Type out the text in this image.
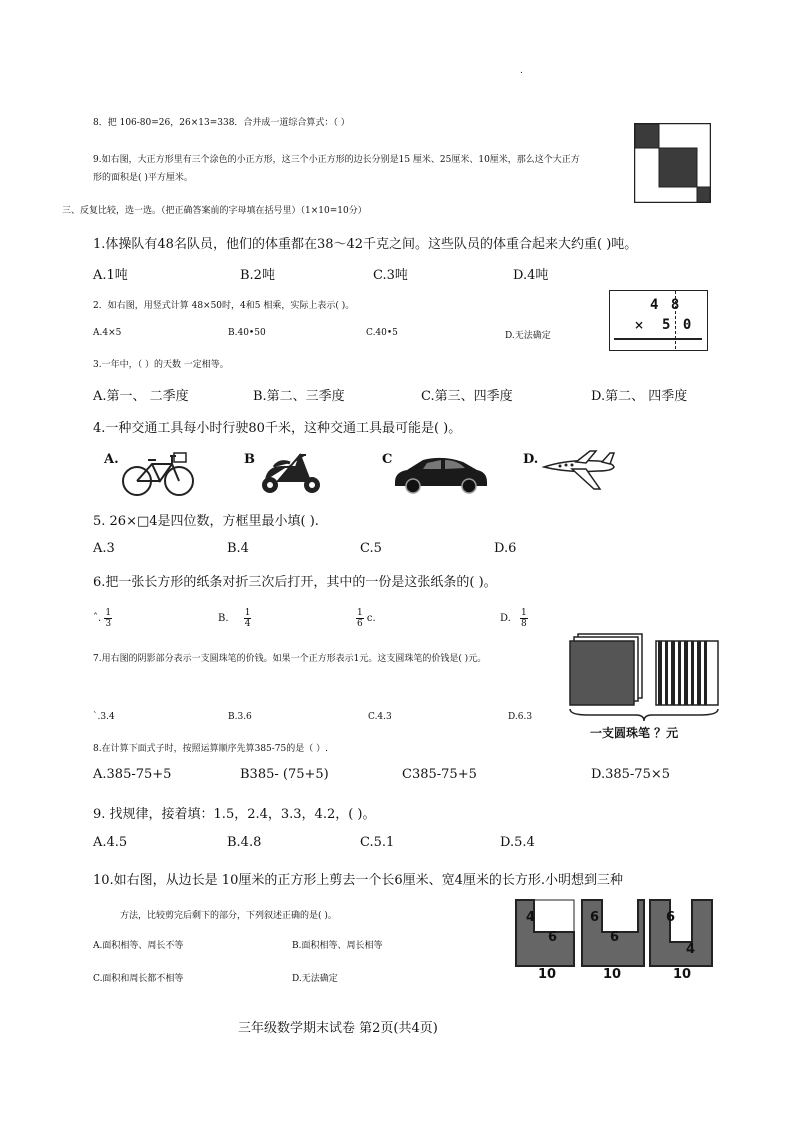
.
8．把 106-80=26，26×13=338．合并成一道综合算式：（ ）
9.如右图，大正方形里有三个涂色的小正方形，这三个小正方形的边长分别是15 厘米、25厘米、10厘米，那么这个大正方
形的面积是( )平方厘米。
三、反复比较，选一选。（把正确答案前的字母填在括号里）（1×10=10分）
1.体操队有48名队员，他们的体重都在38～42千克之间。这些队员的体重合起来大约重( )吨。
A.1吨	B.2吨	C.3吨	D.4吨
2．如右图，用竖式计算 48×50时，4和5 相乘，实际上表示( )。
A.4×5	B.40•50	C.40•5	D.无法确定
4 8
× 5 0
3.一年中，（ ）的天数 一定相等。
A.第一、 二季度	B.第二、三季度	C.第三、四季度	D.第二、 四季度
4.一种交通工具每小时行驶80千米，这种交通工具最可能是( )。
A.	B	C	D.
5. 26×□4是四位数，方框里最小填( ).
A.3	B.4	C.5	D.6
6.把一张长方形的纸条对折三次后打开，其中的一份是这张纸条的( )。
ˆ. $\frac{1}{3}$	B. $\frac{1}{4}$	$\frac{1}{6} c$.	D. $\frac{1}{8}$
7.用右图的阴影部分表示一支圆珠笔的价钱。如果一个正方形表示1元。这支圆珠笔的价钱是( )元。
ˋ.3.4	B.3.6	C.4.3	D.6.3
一支圆珠笔 ？元
8.在计算下面式子时，按照运算顺序先算385-75的是（ ）.
A.385-75+5	B385- (75+5)	C385-75+5	D.385-75×5
9. 找规律，接着填：1.5，2.4，3.3，4.2，( )。
A.4.5	B.4.8	C.5.1	D.5.4
10.如右图，从边长是 10厘米的正方形上剪去一个长6厘米、宽4厘米的长方形.小明想到三种
方法，比较剪完后剩下的部分，下列叙述正确的是( )。
A.面积相等、周长不等	B.面积相等、周长相等
C.面积和周长都不相等	D.无法确定
4
6
6
6
6
4
10	10	10
三年级数学期末试卷 第2页(共4页)
